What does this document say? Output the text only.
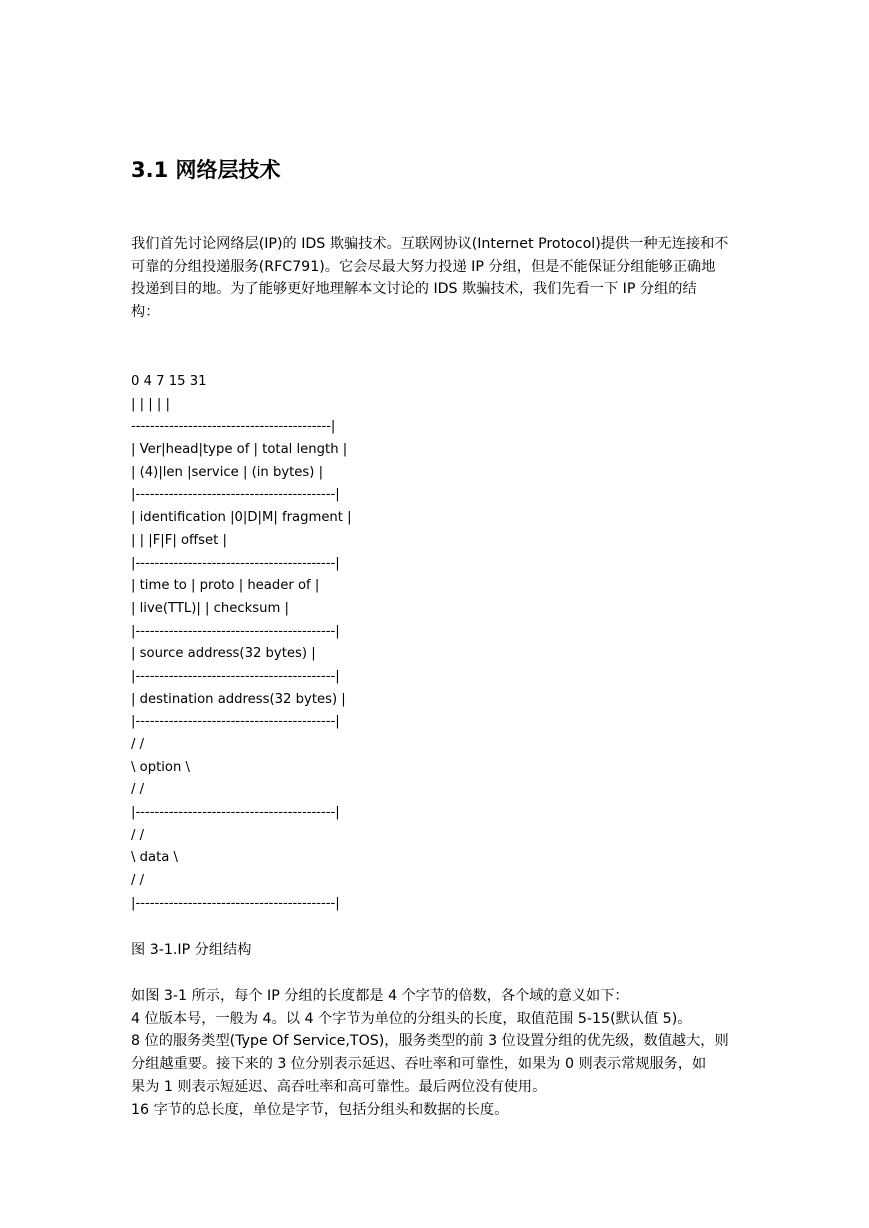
3.1 网络层技术

我们首先讨论网络层(IP)的 IDS 欺骗技术。互联网协议(Internet Protocol)提供一种无连接和不

可靠的分组投递服务(RFC791)。它会尽最大努力投递 IP 分组，但是不能保证分组能够正确地

投递到目的地。为了能够更好地理解本文讨论的 IDS 欺骗技术，我们先看一下 IP 分组的结

构：

0 4 7 15 31
| | | | |
------------------------------------------|
| Ver|head|type of | total length |
| (4)|len |service | (in bytes) |
|------------------------------------------|
| identification |0|D|M| fragment |
| | |F|F| offset |
|------------------------------------------|
| time to | proto | header of |
| live(TTL)| | checksum |
|------------------------------------------|
| source address(32 bytes) |
|------------------------------------------|
| destination address(32 bytes) |
|------------------------------------------|
/ /
\ option \
/ /
|------------------------------------------|
/ /
\ data \
/ /
|------------------------------------------|
图 3-1.IP 分组结构

如图 3-1 所示，每个 IP 分组的长度都是 4 个字节的倍数，各个域的意义如下：

4 位版本号，一般为 4。以 4 个字节为单位的分组头的长度，取值范围 5-15(默认值 5)。

8 位的服务类型(Type Of Service,TOS)，服务类型的前 3 位设置分组的优先级，数值越大，则

分组越重要。接下来的 3 位分别表示延迟、吞吐率和可靠性，如果为 0 则表示常规服务，如

果为 1 则表示短延迟、高吞吐率和高可靠性。最后两位没有使用。

16 字节的总长度，单位是字节，包括分组头和数据的长度。
